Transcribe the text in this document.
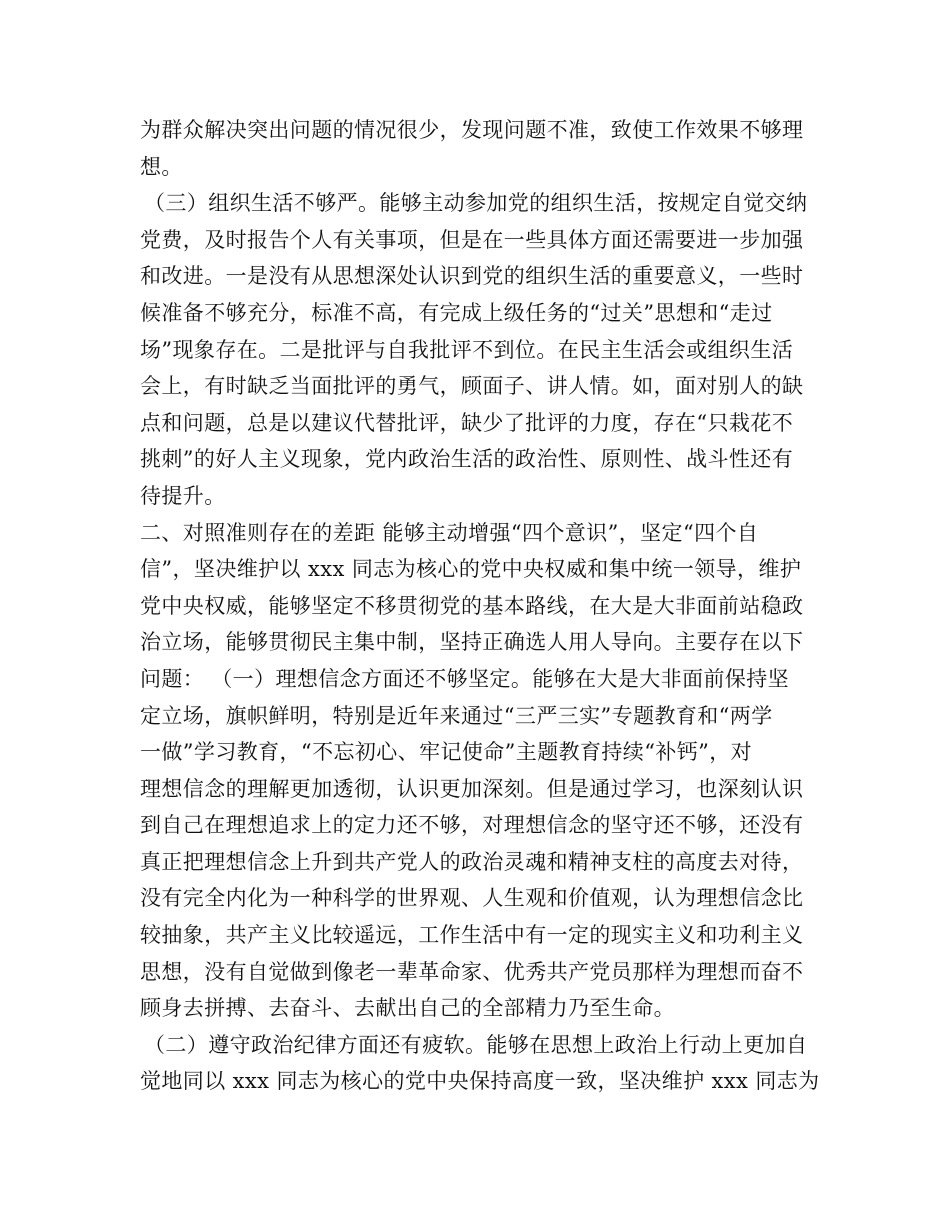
为群众解决突出问题的情况很少，发现问题不准，致使工作效果不够理
想。
（三）组织生活不够严。能够主动参加党的组织生活，按规定自觉交纳
党费，及时报告个人有关事项，但是在一些具体方面还需要进一步加强
和改进。一是没有从思想深处认识到党的组织生活的重要意义，一些时
候准备不够充分，标准不高，有完成上级任务的“过关”思想和“走过
场”现象存在。二是批评与自我批评不到位。在民主生活会或组织生活
会上，有时缺乏当面批评的勇气，顾面子、讲人情。如，面对别人的缺
点和问题，总是以建议代替批评，缺少了批评的力度，存在“只栽花不
挑刺”的好人主义现象，党内政治生活的政治性、原则性、战斗性还有
待提升。
二、对照准则存在的差距 能够主动增强“四个意识”，坚定“四个自
信”，坚决维护以 xxx 同志为核心的党中央权威和集中统一领导，维护
党中央权威，能够坚定不移贯彻党的基本路线，在大是大非面前站稳政
治立场，能够贯彻民主集中制，坚持正确选人用人导向。主要存在以下
问题： （一）理想信念方面还不够坚定。能够在大是大非面前保持坚
定立场，旗帜鲜明，特别是近年来通过“三严三实”专题教育和“两学
一做”学习教育，“不忘初心、牢记使命”主题教育持续“补钙”，对
理想信念的理解更加透彻，认识更加深刻。但是通过学习，也深刻认识
到自己在理想追求上的定力还不够，对理想信念的坚守还不够，还没有
真正把理想信念上升到共产党人的政治灵魂和精神支柱的高度去对待，
没有完全内化为一种科学的世界观、人生观和价值观，认为理想信念比
较抽象，共产主义比较遥远，工作生活中有一定的现实主义和功利主义
思想，没有自觉做到像老一辈革命家、优秀共产党员那样为理想而奋不
顾身去拼搏、去奋斗、去献出自己的全部精力乃至生命。
（二）遵守政治纪律方面还有疲软。能够在思想上政治上行动上更加自
觉地同以 xxx 同志为核心的党中央保持高度一致，坚决维护 xxx 同志为
